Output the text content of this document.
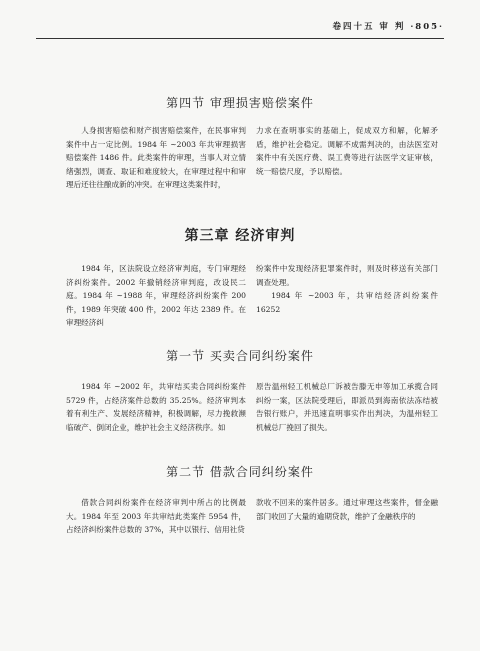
卷四十五 审 判 ·805·
第四节 审理损害赔偿案件
人身损害赔偿和财产损害赔偿案件，在民事审判案件中占一定比例。1984 年 ~2003 年共审理损害赔偿案件 1486 件。此类案件的审理，当事人对立情绪强烈，调查、取证和难度较大，在审理过程中和审理后还往往酿成新的冲突。在审理这类案件时，
力求在查明事实的基础上，促成双方和解，化解矛盾，维护社会稳定。调解不成需判决的，由法医室对案件中有关医疗费、误工费等进行法医学文证审核，统一赔偿尺度，予以赔偿。
第三章 经济审判
1984 年，区法院设立经济审判庭，专门审理经济纠纷案件。2002 年撤销经济审判庭，改设民二庭。1984 年 ~1988 年，审理经济纠纷案件 200 件，1989 年突破 400 件，2002 年达 2389 件。在审理经济纠
纷案件中发现经济犯罪案件时，则及时移送有关部门调查处理。
1984 年 ~2003 年，共审结经济纠纷案件 16252
第一节 买卖合同纠纷案件
1984 年 ~2002 年，共审结买卖合同纠纷案件 5729 件，占经济案件总数的 35.25%。经济审判本着有利生产、发展经济精神，积极调解，尽力挽救濒临破产、倒闭企业，维护社会主义经济秩序。如
原告温州轻工机械总厂诉被告滕无申等加工承揽合同纠纷一案，区法院受理后，即派员到海南依法冻结被告银行账户，并迅速直明事实作出判决，为温州轻工机械总厂挽回了损失。
第二节 借款合同纠纷案件
借款合同纠纷案件在经济审判中所占的比例最大。1984 年至 2003 年共审结此类案件 5954 件，占经济纠纷案件总数的 37%，其中以银行、信用社贷
款收不回来的案件居多。通过审理这些案件，督金融部门收回了大量的逾期贷款，维护了金融秩序的
